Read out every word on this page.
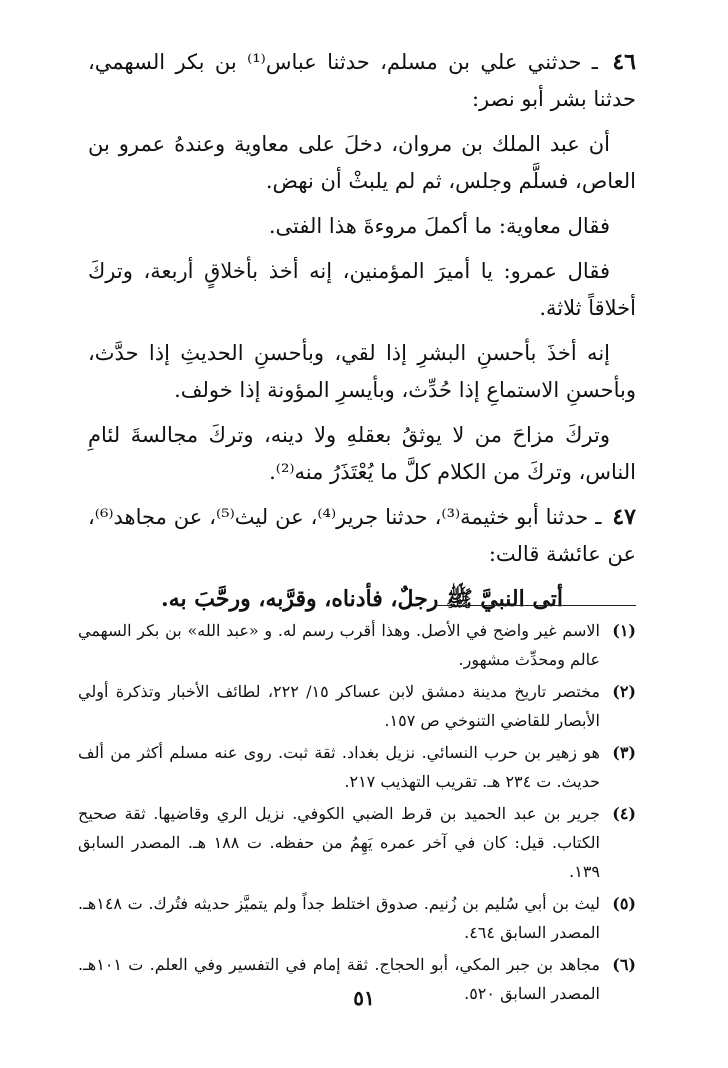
٤٦ ـ حدثني علي بن مسلم، حدثنا عباس⁽¹⁾ بن بكر السهمي، حدثنا بشر أبو نصر:

أن عبد الملك بن مروان، دخلَ على معاوية وعندهُ عمرو بن العاص، فسلَّم وجلس، ثم لم يلبثْ أن نهض.

فقال معاوية: ما أكملَ مروءةَ هذا الفتى.

فقال عمرو: يا أميرَ المؤمنين، إنه أخذ بأخلاقٍ أربعة، وتركَ أخلاقاً ثلاثة.

إنه أخذَ بأحسنِ البشرِ إذا لقي، وبأحسنِ الحديثِ إذا حدَّث، وبأحسنِ الاستماعِ إذا حُدِّث، وبأيسرِ المؤونة إذا خولف.

وتركَ مزاحَ من لا يوثقُ بعقلهِ ولا دينه، وتركَ مجالسةَ لئامِ الناس، وتركَ من الكلام كلَّ ما يُعْتَذَرُ منه⁽²⁾.

٤٧ ـ حدثنا أبو خثيمة⁽³⁾، حدثنا جرير⁽⁴⁾، عن ليث⁽⁵⁾، عن مجاهد⁽⁶⁾، عن عائشة قالت:

أتى النبيَّ ﷺ رجلٌ، فأدناه، وقرَّبه، ورحَّبَ به.

(١)
الاسم غير واضح في الأصل. وهذا أقرب رسم له. و «عبد الله» بن بكر السهمي عالم ومحدِّث مشهور.
(٢)
مختصر تاريخ مدينة دمشق لابن عساكر ١٥/ ٢٢٢، لطائف الأخبار وتذكرة أولي الأبصار للقاضي التنوخي ص ١٥٧.
(٣)
هو زهير بن حرب النسائي. نزيل بغداد. ثقة ثبت. روى عنه مسلم أكثر من ألف حديث. ت ٢٣٤ هـ. تقريب التهذيب ٢١٧.
(٤)
جرير بن عبد الحميد بن قرط الضبي الكوفي. نزيل الري وقاضيها. ثقة صحيح الكتاب. قيل: كان في آخر عمره يَهِمُ من حفظه. ت ١٨٨ هـ. المصدر السابق ١٣٩.
(٥)
ليث بن أبي سُليم بن زُنيم. صدوق اختلط جداً ولم يتميَّز حديثه فتُرك. ت ١٤٨هـ. المصدر السابق ٤٦٤.
(٦)
مجاهد بن جبر المكي، أبو الحجاج. ثقة إمام في التفسير وفي العلم. ت ١٠١هـ. المصدر السابق ٥٢٠.
٥١
